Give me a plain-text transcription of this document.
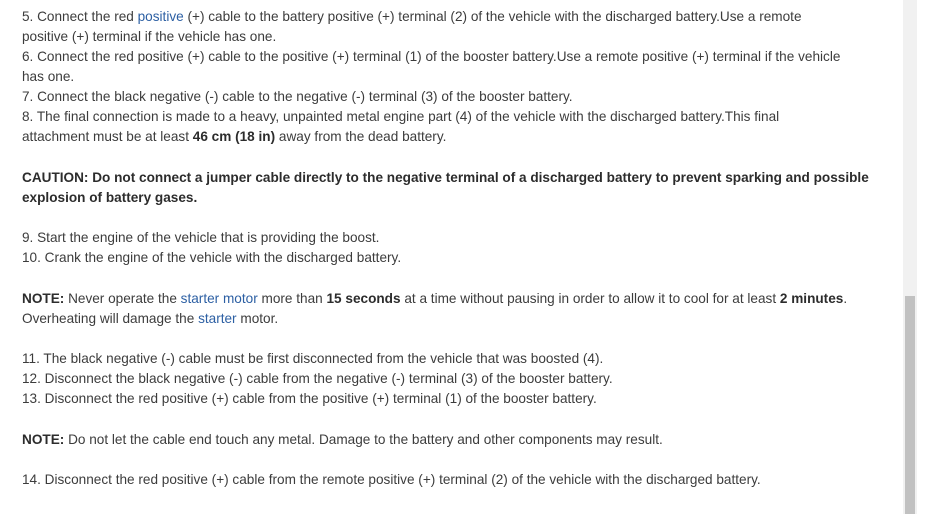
5. Connect the red positive (+) cable to the battery positive (+) terminal (2) of the vehicle with the discharged battery.Use a remote
positive (+) terminal if the vehicle has one.
6. Connect the red positive (+) cable to the positive (+) terminal (1) of the booster battery.Use a remote positive (+) terminal if the vehicle
has one.
7. Connect the black negative (-) cable to the negative (-) terminal (3) of the booster battery.
8. The final connection is made to a heavy, unpainted metal engine part (4) of the vehicle with the discharged battery.This final
attachment must be at least 46 cm (18 in) away from the dead battery.
CAUTION: Do not connect a jumper cable directly to the negative terminal of a discharged battery to prevent sparking and possible
explosion of battery gases.
9. Start the engine of the vehicle that is providing the boost.
10. Crank the engine of the vehicle with the discharged battery.
NOTE: Never operate the starter motor more than 15 seconds at a time without pausing in order to allow it to cool for at least 2 minutes.
Overheating will damage the starter motor.
11. The black negative (-) cable must be first disconnected from the vehicle that was boosted (4).
12. Disconnect the black negative (-) cable from the negative (-) terminal (3) of the booster battery.
13. Disconnect the red positive (+) cable from the positive (+) terminal (1) of the booster battery.
NOTE: Do not let the cable end touch any metal. Damage to the battery and other components may result.
14. Disconnect the red positive (+) cable from the remote positive (+) terminal (2) of the vehicle with the discharged battery.
